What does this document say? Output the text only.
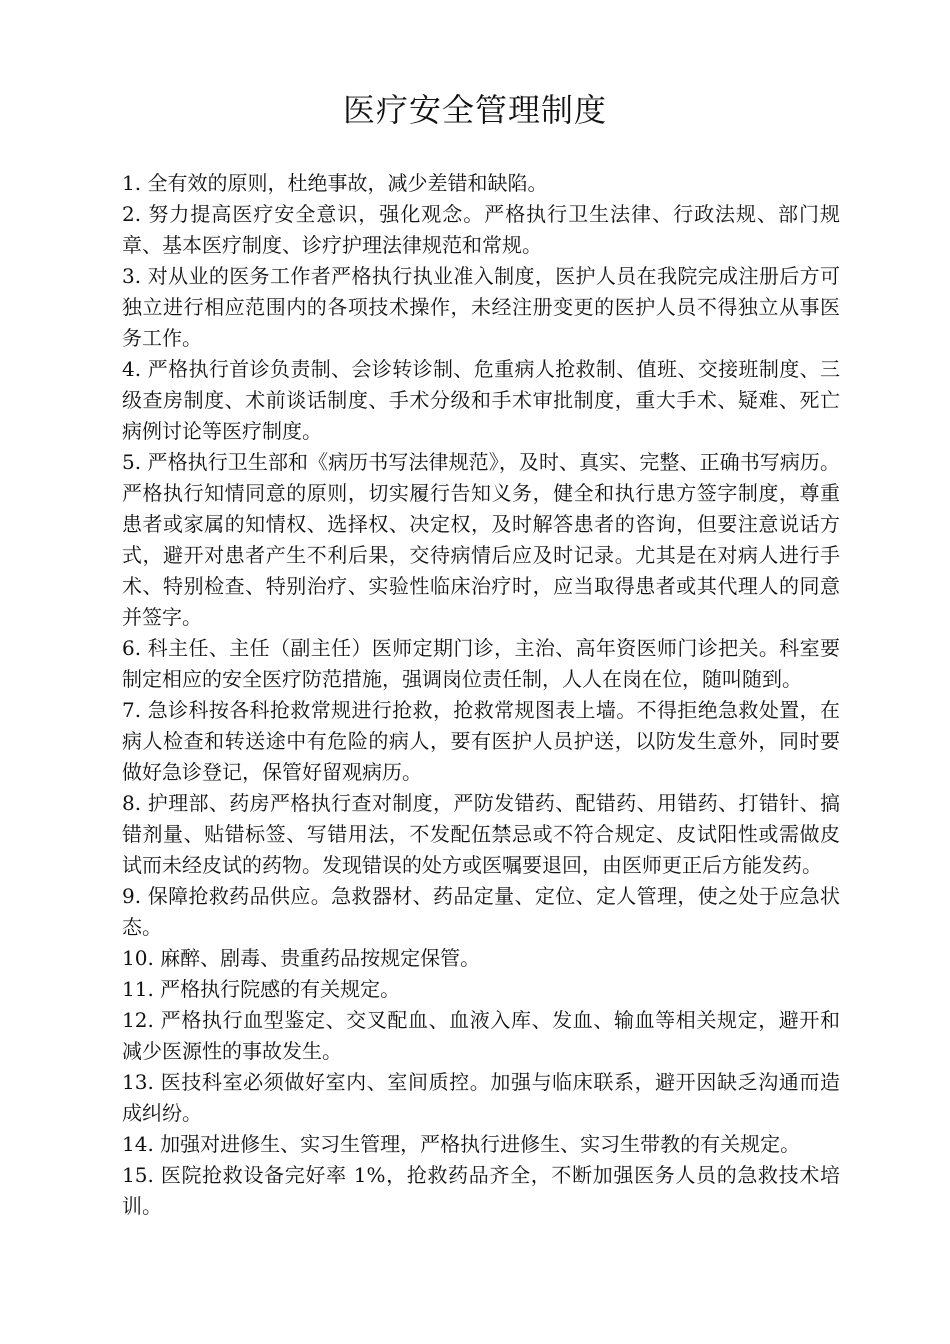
医疗安全管理制度
1. 全有效的原则，杜绝事故，减少差错和缺陷。
2. 努力提高医疗安全意识，强化观念。严格执行卫生法律、行政法规、部门规章、基本医疗制度、诊疗护理法律规范和常规。
3. 对从业的医务工作者严格执行执业准入制度，医护人员在我院完成注册后方可独立进行相应范围内的各项技术操作，未经注册变更的医护人员不得独立从事医务工作。
4. 严格执行首诊负责制、会诊转诊制、危重病人抢救制、值班、交接班制度、三级查房制度、术前谈话制度、手术分级和手术审批制度，重大手术、疑难、死亡病例讨论等医疗制度。
5. 严格执行卫生部和《病历书写法律规范》，及时、真实、完整、正确书写病历。严格执行知情同意的原则，切实履行告知义务，健全和执行患方签字制度，尊重患者或家属的知情权、选择权、决定权，及时解答患者的咨询，但要注意说话方式，避开对患者产生不利后果，交待病情后应及时记录。尤其是在对病人进行手术、特别检查、特别治疗、实验性临床治疗时，应当取得患者或其代理人的同意并签字。
6. 科主任、主任（副主任）医师定期门诊，主治、高年资医师门诊把关。科室要制定相应的安全医疗防范措施，强调岗位责任制，人人在岗在位，随叫随到。
7. 急诊科按各科抢救常规进行抢救，抢救常规图表上墙。不得拒绝急救处置，在病人检查和转送途中有危险的病人，要有医护人员护送，以防发生意外，同时要做好急诊登记，保管好留观病历。
8. 护理部、药房严格执行查对制度，严防发错药、配错药、用错药、打错针、搞错剂量、贴错标签、写错用法，不发配伍禁忌或不符合规定、皮试阳性或需做皮试而未经皮试的药物。发现错误的处方或医嘱要退回，由医师更正后方能发药。
9. 保障抢救药品供应。急救器材、药品定量、定位、定人管理，使之处于应急状态。
10. 麻醉、剧毒、贵重药品按规定保管。
11. 严格执行院感的有关规定。
12. 严格执行血型鉴定、交叉配血、血液入库、发血、输血等相关规定，避开和减少医源性的事故发生。
13. 医技科室必须做好室内、室间质控。加强与临床联系，避开因缺乏沟通而造成纠纷。
14. 加强对进修生、实习生管理，严格执行进修生、实习生带教的有关规定。
15. 医院抢救设备完好率 1%，抢救药品齐全，不断加强医务人员的急救技术培训。
